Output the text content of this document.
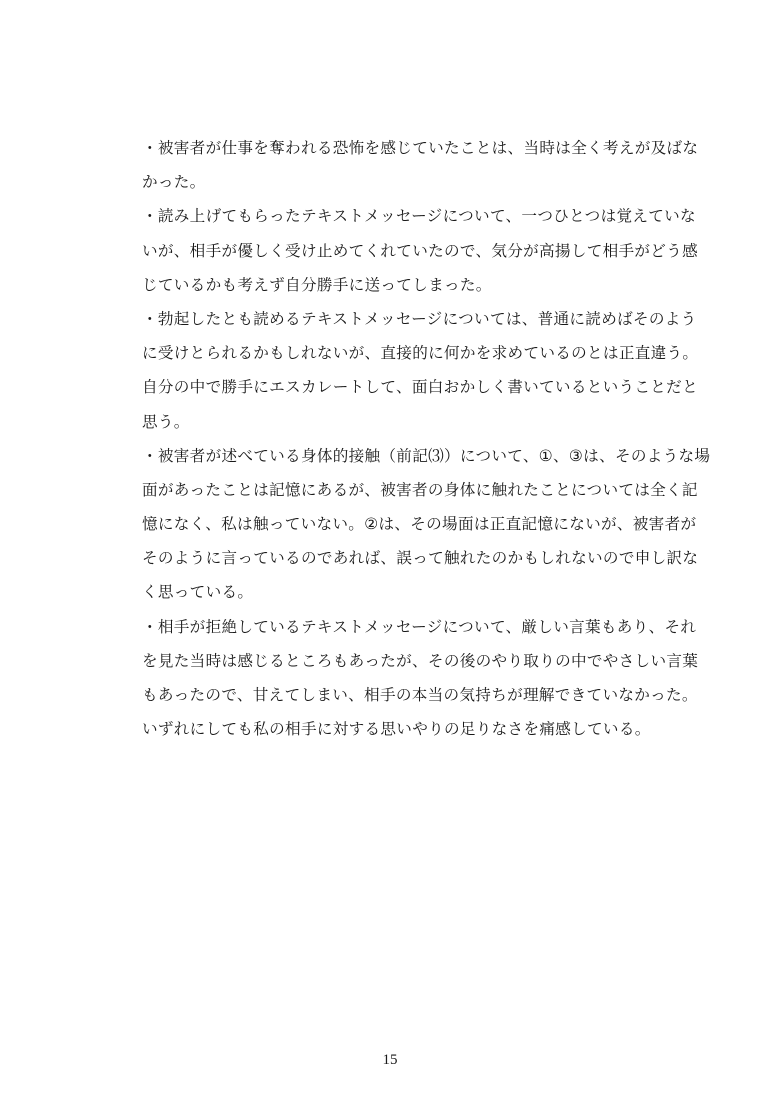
・被害者が仕事を奪われる恐怖を感じていたことは、当時は全く考えが及ばな
かった。
・読み上げてもらったテキストメッセージについて、一つひとつは覚えていな
いが、相手が優しく受け止めてくれていたので、気分が高揚して相手がどう感
じているかも考えず自分勝手に送ってしまった。
・勃起したとも読めるテキストメッセージについては、普通に読めばそのよう
に受けとられるかもしれないが、直接的に何かを求めているのとは正直違う。
自分の中で勝手にエスカレートして、面白おかしく書いているということだと
思う。
・被害者が述べている身体的接触（前記⑶）について、①、③は、そのような場
面があったことは記憶にあるが、被害者の身体に触れたことについては全く記
憶になく、私は触っていない。②は、その場面は正直記憶にないが、被害者が
そのように言っているのであれば、誤って触れたのかもしれないので申し訳な
く思っている。
・相手が拒絶しているテキストメッセージについて、厳しい言葉もあり、それ
を見た当時は感じるところもあったが、その後のやり取りの中でやさしい言葉
もあったので、甘えてしまい、相手の本当の気持ちが理解できていなかった。
いずれにしても私の相手に対する思いやりの足りなさを痛感している。
15
